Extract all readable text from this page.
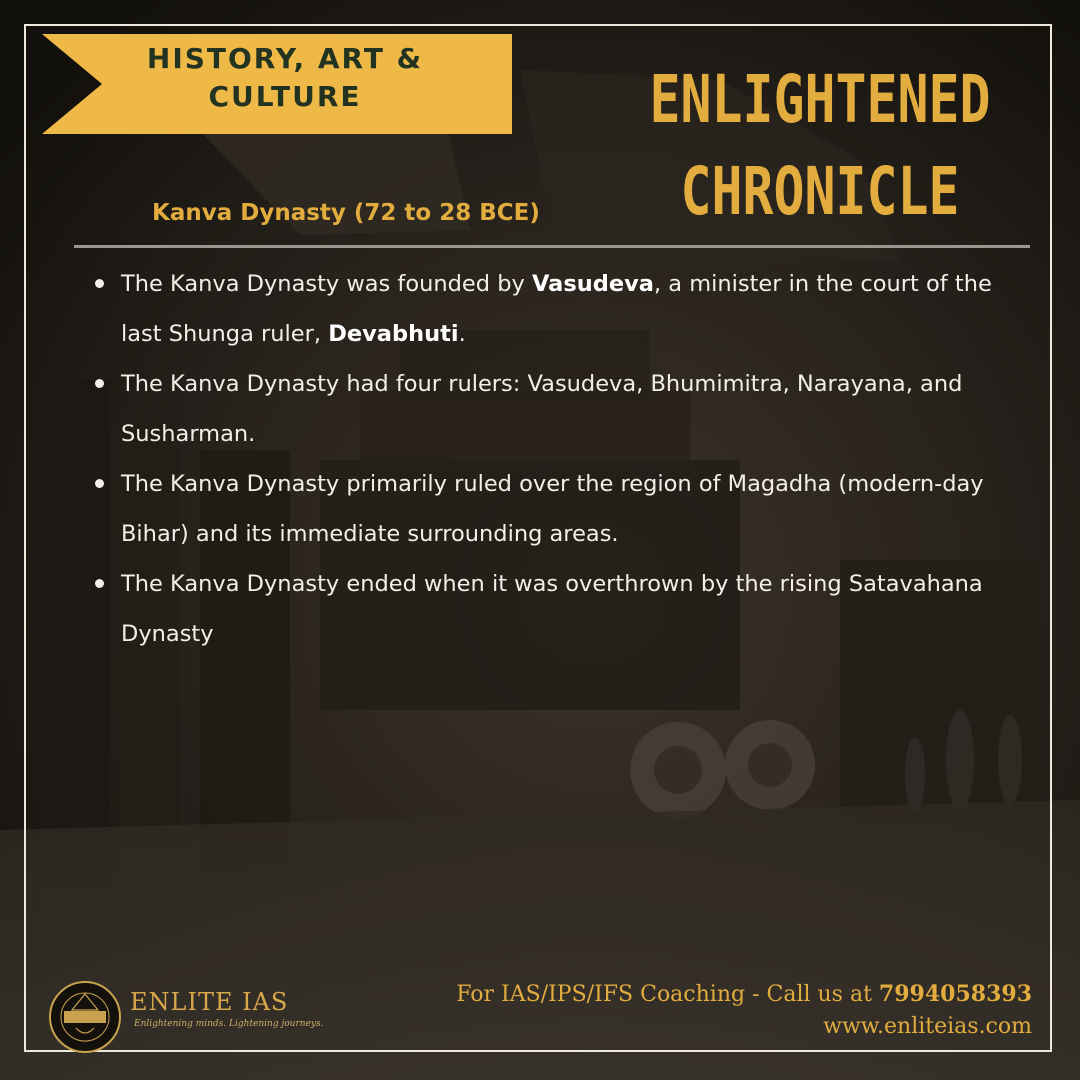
HISTORY, ART &
CULTURE	ENLIGHTENED
CHRONICLE
Kanva Dynasty (72 to 28 BCE)
The Kanva Dynasty was founded by Vasudeva, a minister in the court of the last Shunga ruler, Devabhuti.
The Kanva Dynasty had four rulers: Vasudeva, Bhumimitra, Narayana, and Susharman.
The Kanva Dynasty primarily ruled over the region of Magadha (modern-day Bihar) and its immediate surrounding areas.
The Kanva Dynasty ended when it was overthrown by the rising Satavahana Dynasty
ENLITE IAS
Enlightening minds. Lightening journeys.
For IAS/IPS/IFS Coaching - Call us at 7994058393
www.enliteias.com
